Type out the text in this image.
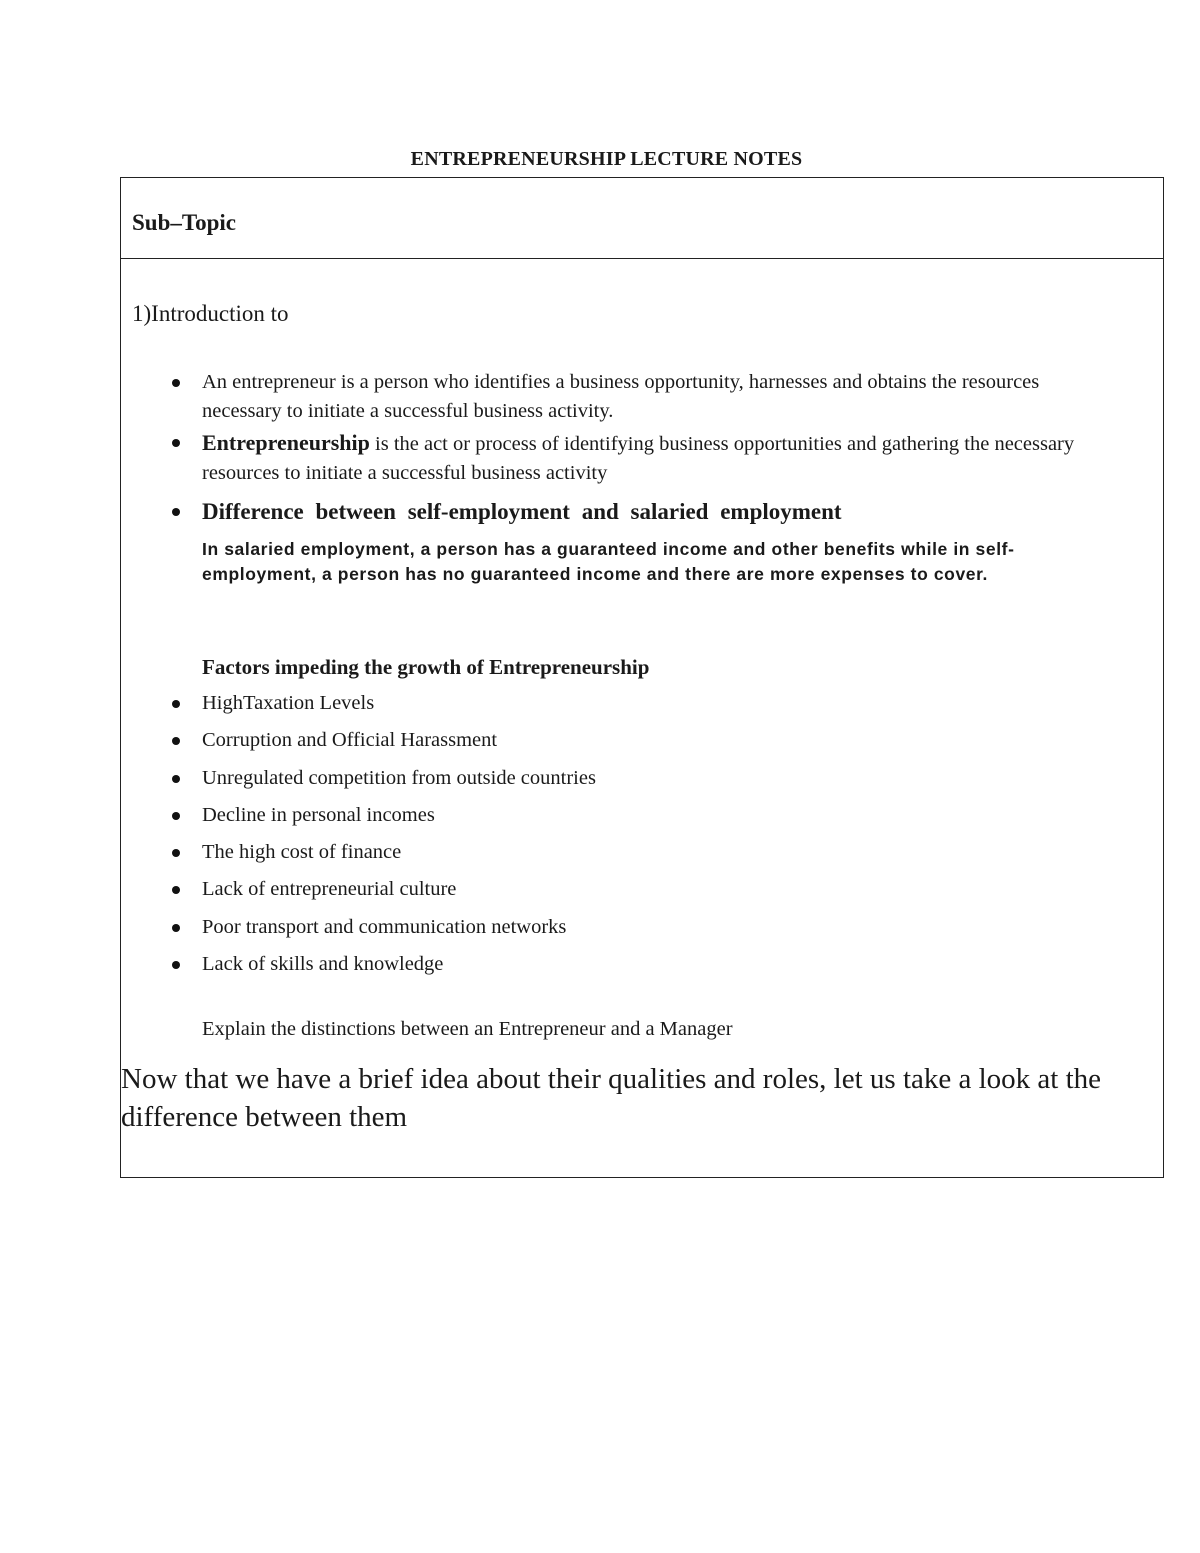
ENTREPRENEURSHIP LECTURE NOTES
Sub–Topic

1)Introduction to

An entrepreneur is a person who identifies a business opportunity, harnesses and obtains the resources necessary to initiate a successful business activity.
Entrepreneurship is the act or process of identifying business opportunities and gathering the necessary resources to initiate a successful business activity
Difference between self-employment and salaried employment

In salaried employment, a person has a guaranteed income and other benefits while in self-employment, a person has no guaranteed income and there are more expenses to cover.

Factors impeding the growth of Entrepreneurship

HighTaxation Levels
Corruption and Official Harassment
Unregulated competition from outside countries
Decline in personal incomes
The high cost of finance
Lack of entrepreneurial culture
Poor transport and communication networks
Lack of skills and knowledge

Explain the distinctions between an Entrepreneur and a Manager

Now that we have a brief idea about their qualities and roles, let us take a look at the difference between them
